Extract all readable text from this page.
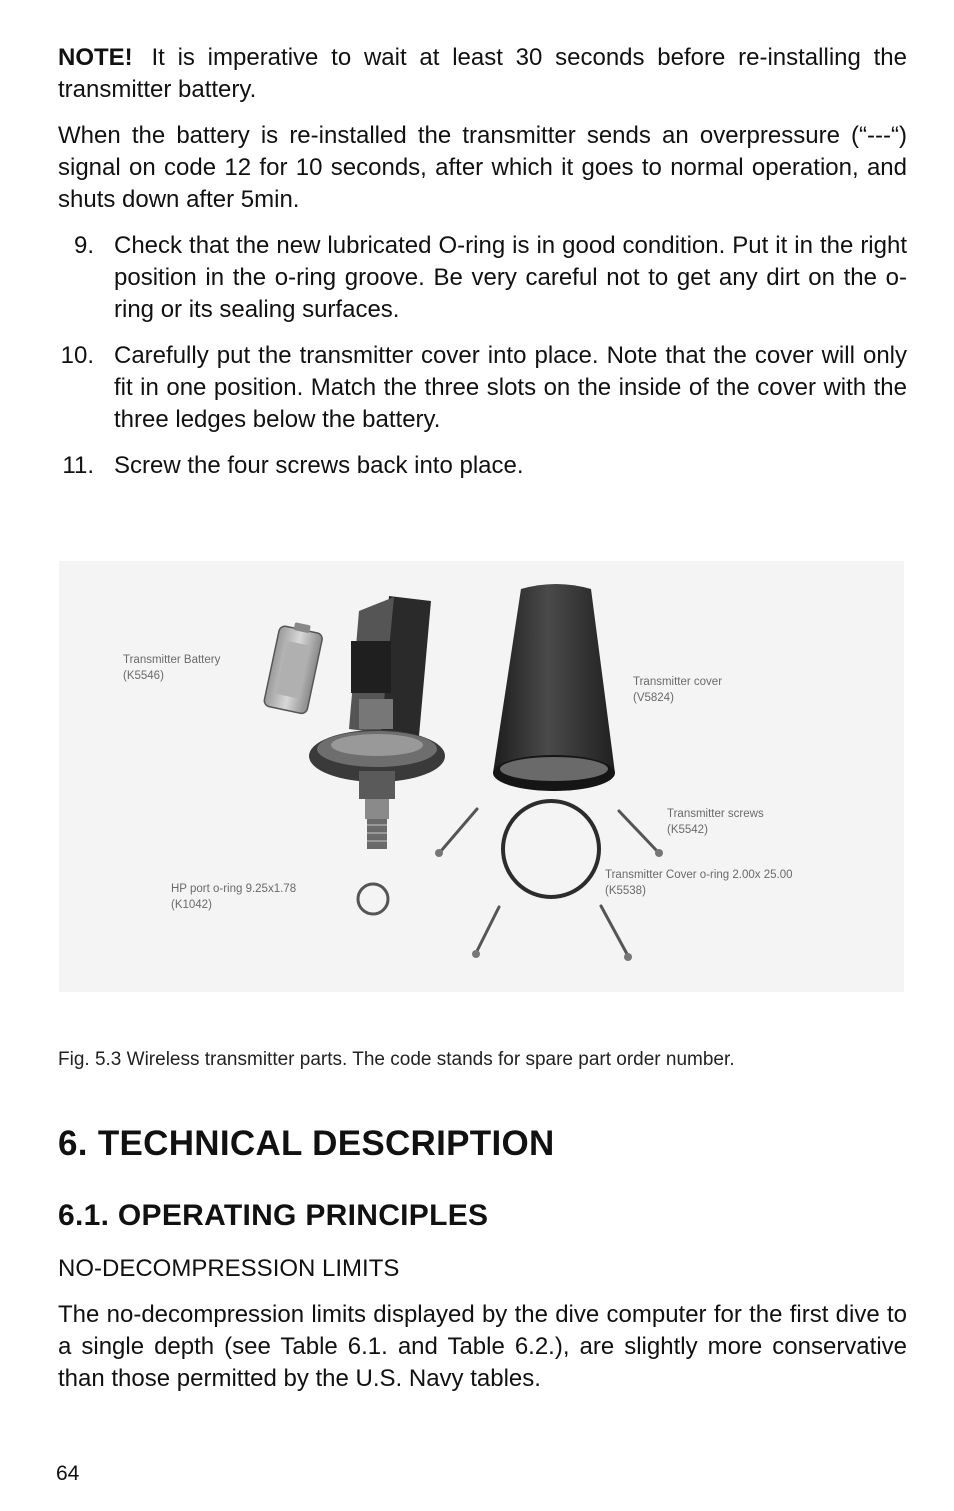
NOTE! It is imperative to wait at least 30 seconds before re-installing the transmitter battery.

When the battery is re-installed the transmitter sends an overpressure (“---“) signal on code 12 for 10 seconds, after which it goes to normal operation, and shuts down after 5min.

9. Check that the new lubricated O-ring is in good condition. Put it in the right position in the o-ring groove. Be very careful not to get any dirt on the o-ring or its sealing surfaces.
10. Carefully put the transmitter cover into place. Note that the cover will only fit in one position. Match the three slots on the inside of the cover with the three ledges below the battery.
11. Screw the four screws back into place.
Transmitter Battery
(K5546)	Transmitter cover
(V5824)
Transmitter screws
(K5542)
Transmitter Cover o-ring 2.00x 25.00
(K5538)
HP port o-ring 9.25x1.78
(K1042)
Fig. 5.3 Wireless transmitter parts. The code stands for spare part order number.
6. TECHNICAL DESCRIPTION
6.1. OPERATING PRINCIPLES
NO-DECOMPRESSION LIMITS

The no-decompression limits displayed by the dive computer for the first dive to a single depth (see Table 6.1. and Table 6.2.), are slightly more conservative than those permitted by the U.S. Navy tables.

64
